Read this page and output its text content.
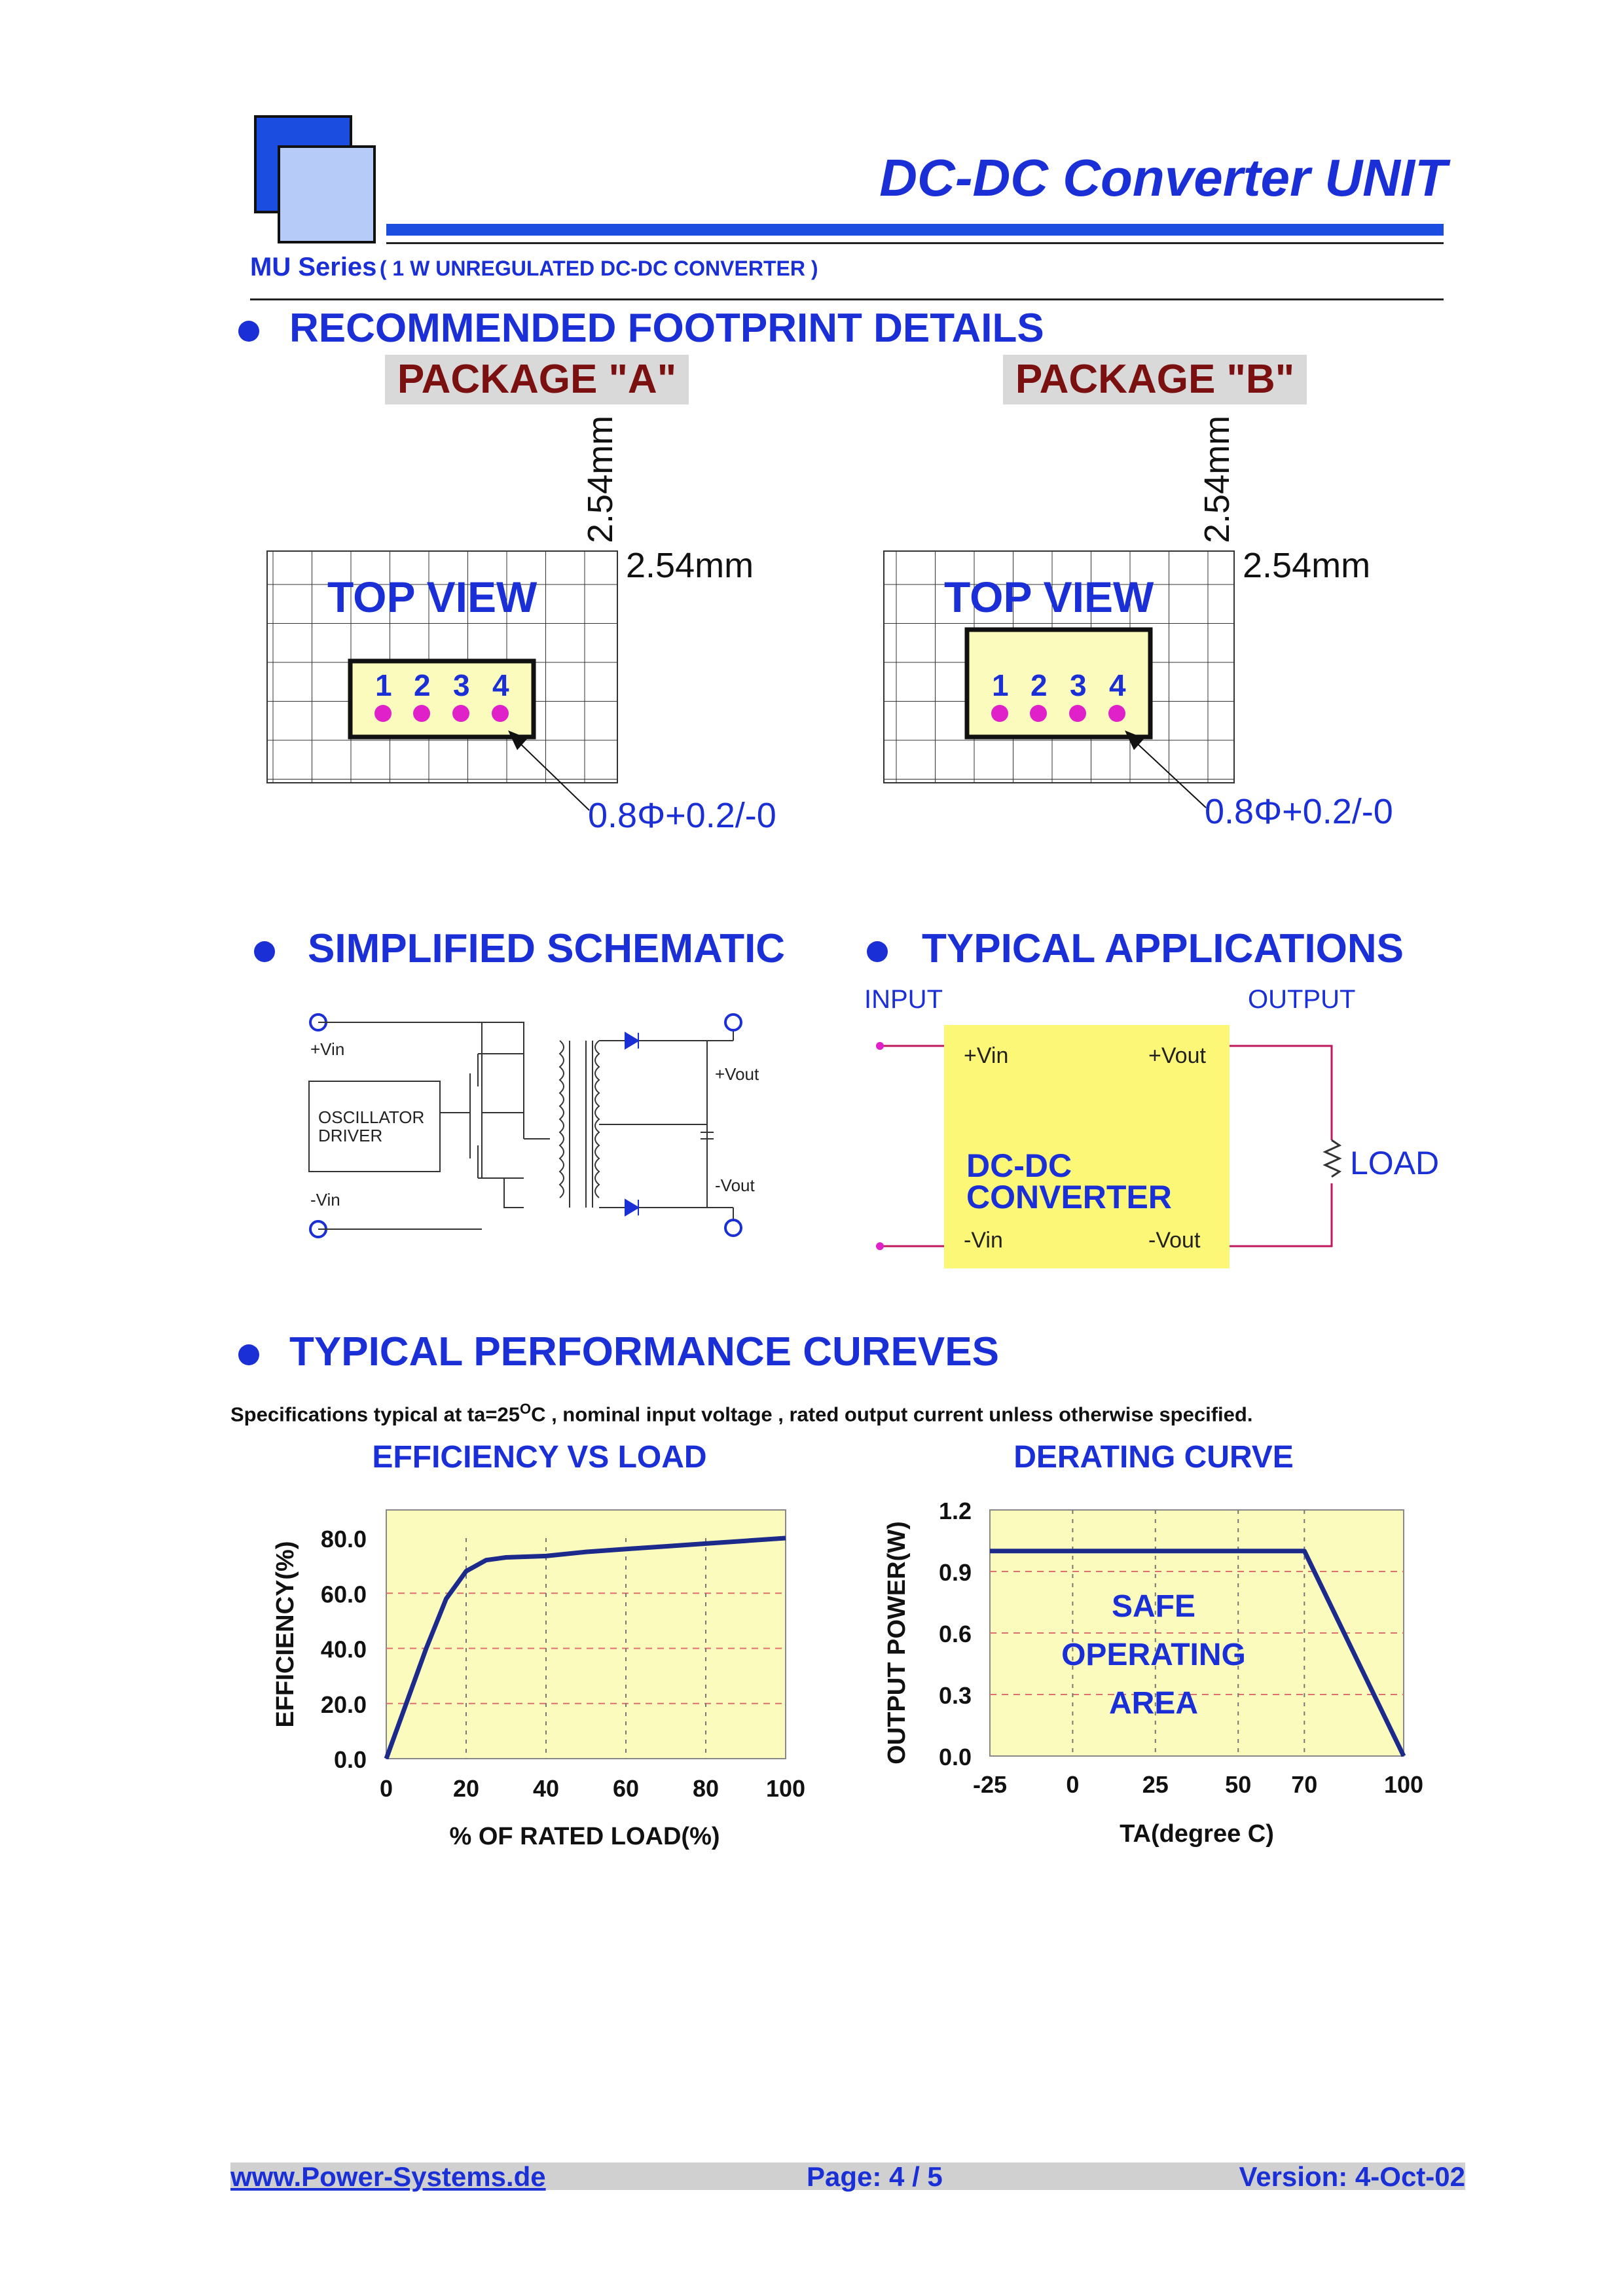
DC-DC Converter UNIT
MU Series ( 1 W UNREGULATED DC-DC CONVERTER )
RECOMMENDED FOOTPRINT DETAILS
PACKAGE "A"	PACKAGE "B"
1 2 3 4
TOP VIEW
2.54mm
2.54mm
0.8Φ+0.2/-0
1 2 3 4
TOP VIEW
2.54mm
2.54mm
0.8Φ+0.2/-0
SIMPLIFIED SCHEMATIC	TYPICAL APPLICATIONS
+Vin
-Vin
+Vout
-Vout
OSCILLATOR
DRIVER
INPUT	OUTPUT
+Vin	+Vout
-Vin	-Vout
DC-DC
CONVERTER
LOAD
TYPICAL PERFORMANCE CUREVES
Specifications typical at $ta=25^OC$ , nominal input voltage , rated output current unless otherwise specified.
EFFICIENCY VS LOAD
0.0
20.0
40.0
60.0
80.0
0	20 40 60 80 100
EFFICIENCY(%)
% OF RATED LOAD(%)
DERATING CURVE
0.0
0.3
0.6
0.9
1.2
-25	0	25 50 70	100
SAFE
OPERATING
AREA
OUTPUT POWER(W)
TA(degree C)
www.Power-Systems.de	Page: 4 / 5	Version: 4-Oct-02
